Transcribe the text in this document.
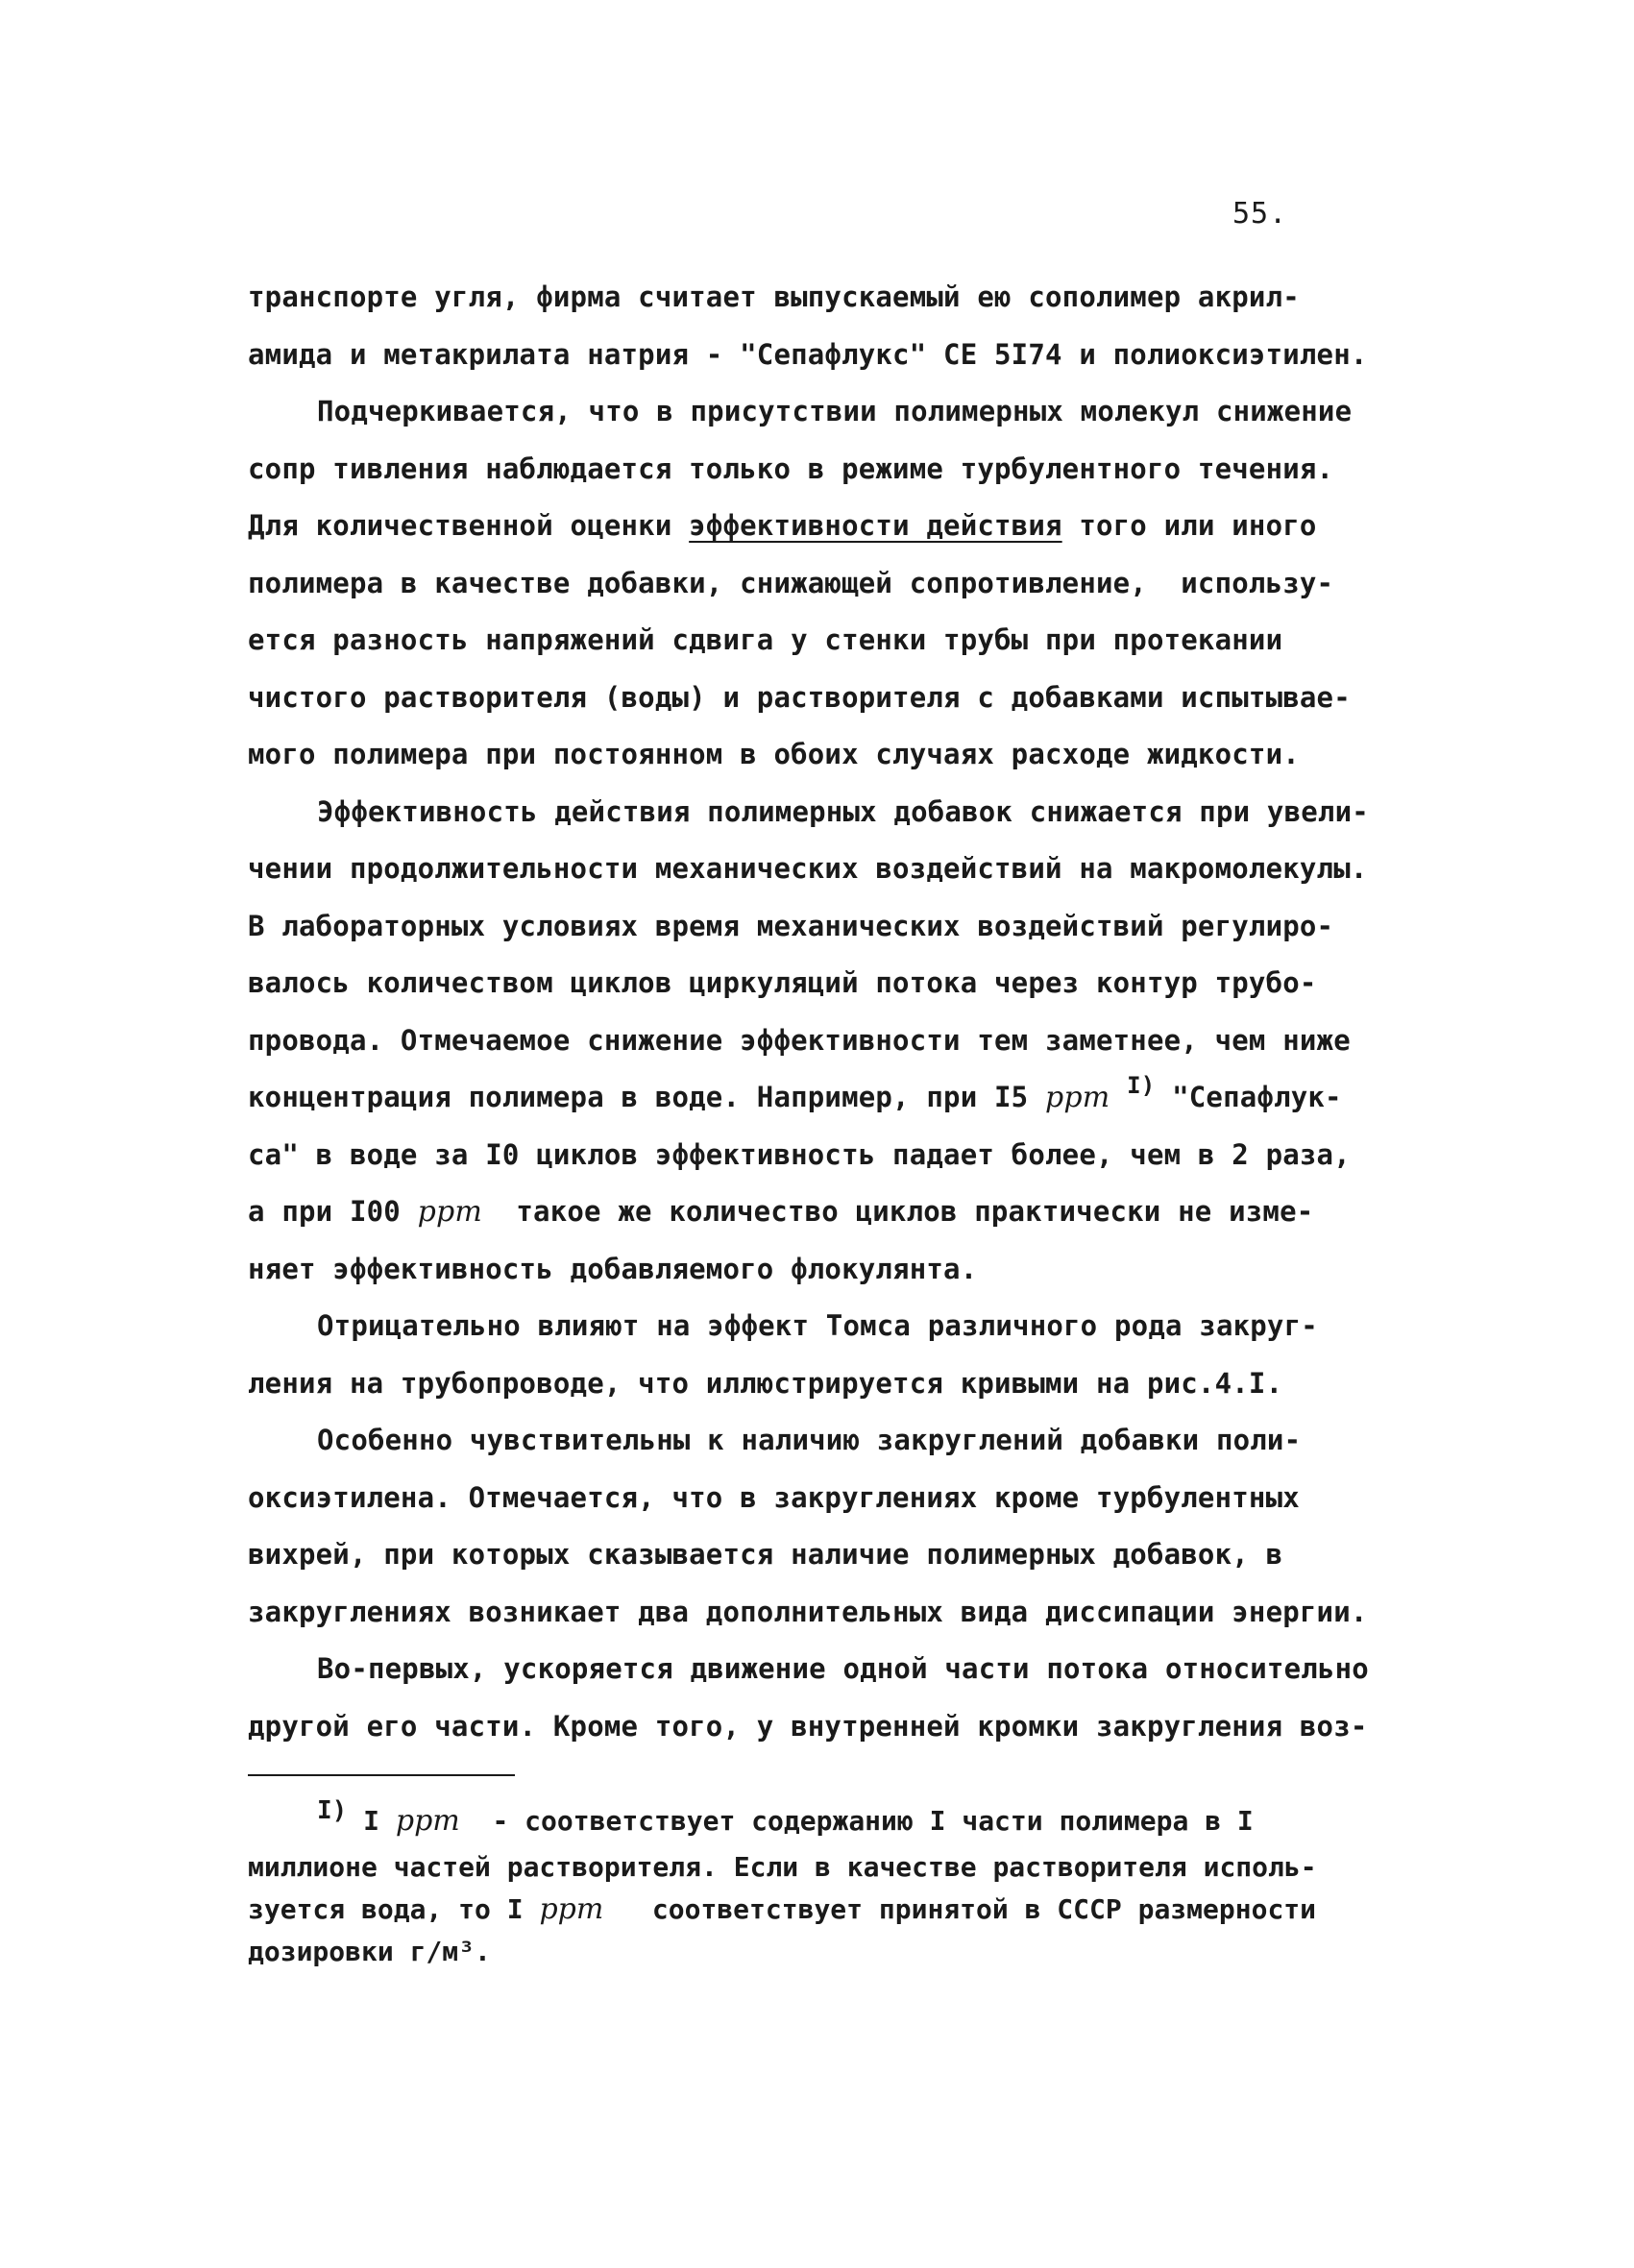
55.
транспорте угля, фирма считает выпускаемый ею сополимер акрил-
амида и метакрилата натрия - "Сепафлукс" СЕ 5I74 и полиоксиэтилен.
Подчеркивается, что в присутствии полимерных молекул снижение
сопр тивления наблюдается только в режиме турбулентного течения.
Для количественной оценки эффективности действия того или иного
полимера в качестве добавки, снижающей сопротивление,  использу-
ется разность напряжений сдвига у стенки трубы при протекании
чистого растворителя (воды) и растворителя с добавками испытывае-
мого полимера при постоянном в обоих случаях расходе жидкости.
Эффективность действия полимерных добавок снижается при увели-
чении продолжительности механических воздействий на макромолекулы.
В лабораторных условиях время механических воздействий регулиро-
валось количеством циклов циркуляций потока через контур трубо-
провода. Отмечаемое снижение эффективности тем заметнее, чем ниже
концентрация полимера в воде. Например, при I5 ppm $^{I)}$ "Сепафлук-
са" в воде за I0 циклов эффективность падает более, чем в 2 раза,
а при I00 ppm  такое же количество циклов практически не изме-
няет эффективность добавляемого флокулянта.
Отрицательно влияют на эффект Томса различного рода закруг-
ления на трубопроводе, что иллюстрируется кривыми на рис.4.I.
Особенно чувствительны к наличию закруглений добавки поли-
оксиэтилена. Отмечается, что в закруглениях кроме турбулентных
вихрей, при которых сказывается наличие полимерных добавок, в
закруглениях возникает два дополнительных вида диссипации энергии.
Во-первых, ускоряется движение одной части потока относительно
другой его части. Кроме того, у внутренней кромки закругления воз-
I) I ppm  - соответствует содержанию I части полимера в I
миллионе частей растворителя. Если в качестве растворителя исполь-
зуется вода, то I ppm   соответствует принятой в СССР размерности
дозировки г/м³.
